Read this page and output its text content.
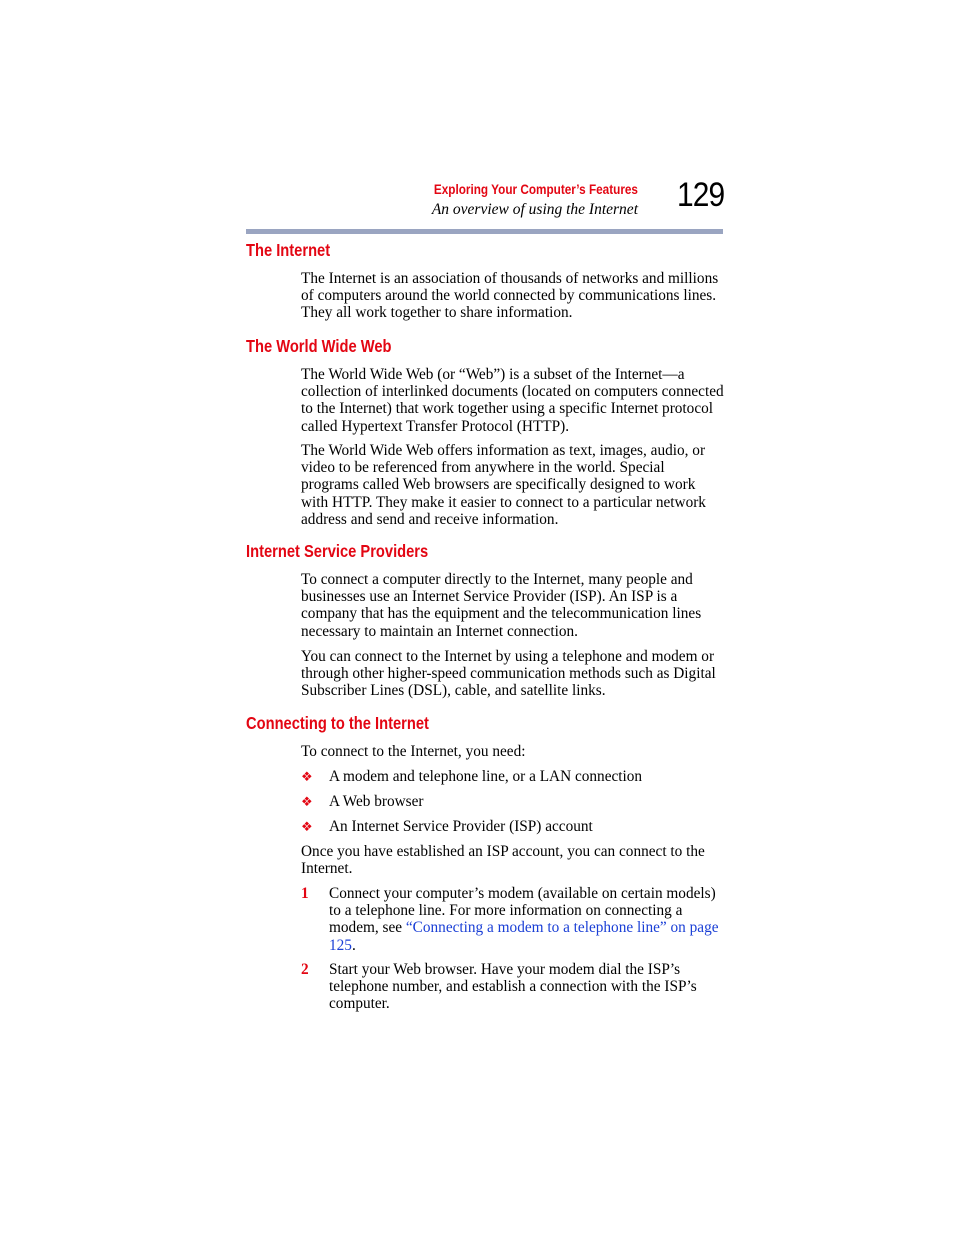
Exploring Your Computer’s Features
An overview of using the Internet 129
The Internet

The Internet is an association of thousands of networks and millions of computers around the world connected by communications lines. They all work together to share information.

The World Wide Web

The World Wide Web (or “Web”) is a subset of the Internet—a collection of interlinked documents (located on computers connected to the Internet) that work together using a specific Internet protocol called Hypertext Transfer Protocol (HTTP).

The World Wide Web offers information as text, images, audio, or video to be referenced from anywhere in the world. Special programs called Web browsers are specifically designed to work with HTTP. They make it easier to connect to a particular network address and send and receive information.

Internet Service Providers

To connect a computer directly to the Internet, many people and businesses use an Internet Service Provider (ISP). An ISP is a company that has the equipment and the telecommunication lines necessary to maintain an Internet connection.

You can connect to the Internet by using a telephone and modem or through other higher-speed communication methods such as Digital Subscriber Lines (DSL), cable, and satellite links.

Connecting to the Internet

To connect to the Internet, you need:

❖ A modem and telephone line, or a LAN connection
❖ A Web browser
❖ An Internet Service Provider (ISP) account

Once you have established an ISP account, you can connect to the Internet.

1 Connect your computer’s modem (available on certain models) to a telephone line. For more information on connecting a modem, see “Connecting a modem to a telephone line” on page 125.
2 Start your Web browser. Have your modem dial the ISP’s telephone number, and establish a connection with the ISP’s computer.
